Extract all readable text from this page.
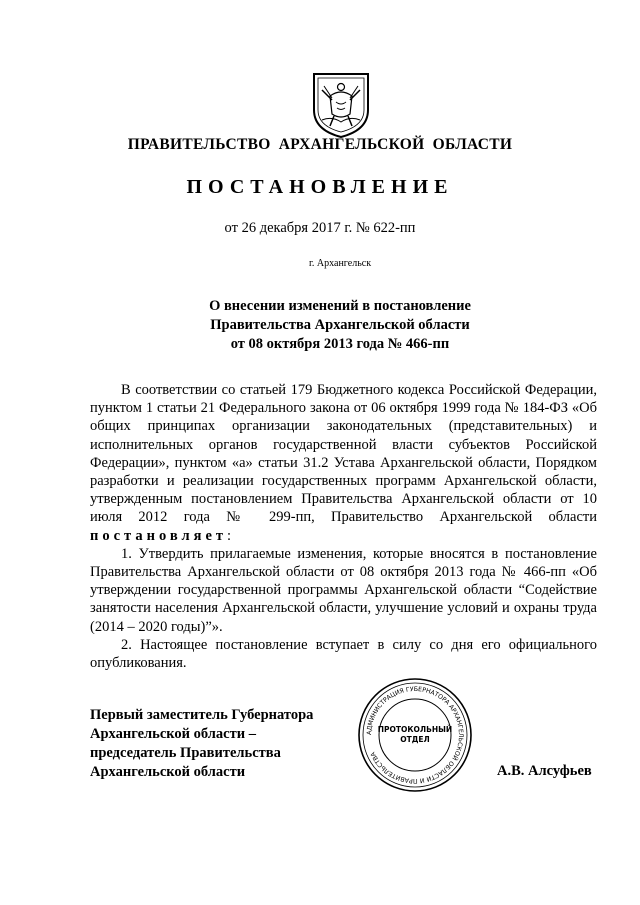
ПРАВИТЕЛЬСТВО АРХАНГЕЛЬСКОЙ ОБЛАСТИ
ПОСТАНОВЛЕНИЕ
от 26 декабря 2017 г. № 622-пп
г. Архангельск
О внесении изменений в постановление
Правительства Архангельской области
от 08 октября 2013 года № 466-пп

В соответствии со статьей 179 Бюджетного кодекса Российской Федерации, пунктом 1 статьи 21 Федерального закона от 06 октября 1999 года № 184-ФЗ «Об общих принципах организации законодательных (представительных) и исполнительных органов государственной власти субъектов Российской Федерации», пунктом «а» статьи 31.2 Устава Архангельской области, Порядком разработки и реализации государственных программ Архангельской области, утвержденным постановлением Правительства Архангельской области от 10 июля 2012 года № 299-пп, Правительство Архангельской области постановляет:

1. Утвердить прилагаемые изменения, которые вносятся в постановление Правительства Архангельской области от 08 октября 2013 года № 466-пп «Об утверждении государственной программы Архангельской области “Содействие занятости населения Архангельской области, улучшение условий и охраны труда (2014 – 2020 годы)”».

2. Настоящее постановление вступает в силу со дня его официального опубликования.

Первый заместитель Губернатора
Архангельской области –
председатель Правительства
Архангельской области
АДМИНИСТРАЦИЯ ГУБЕРНАТОРА АРХАНГЕЛЬСКОЙ ОБЛАСТИ И ПРАВИТЕЛЬСТВА
ПРОТОКОЛЬНЫЙ
ОТДЕЛ
А.В. Алсуфьев
